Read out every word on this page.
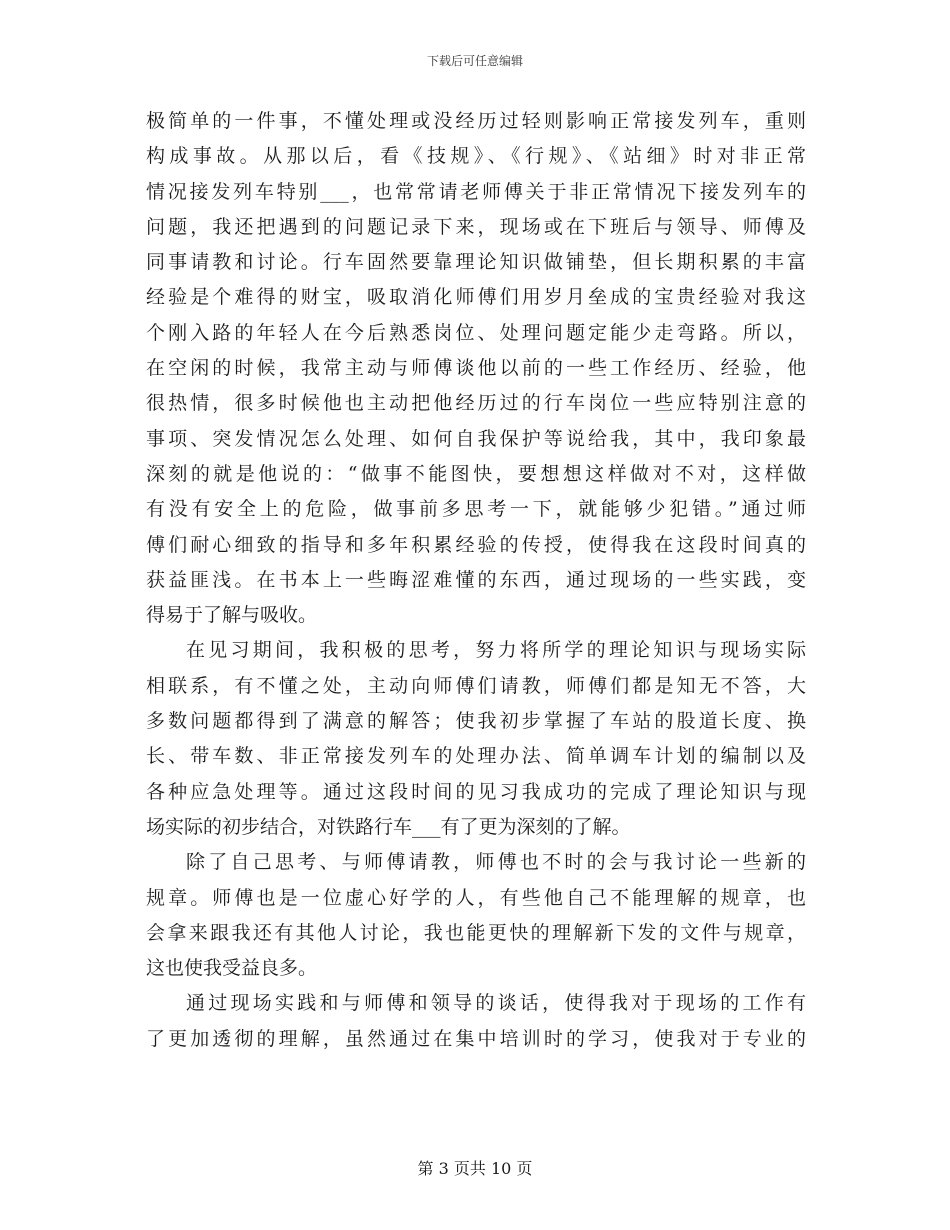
下载后可任意编辑
极简单的一件事，不懂处理或没经历过轻则影响正常接发列车，重则
构成事故。从那以后，看《技规》、《行规》、《站细》时对非正常
情况接发列车特别___，也常常请老师傅关于非正常情况下接发列车的
问题，我还把遇到的问题记录下来，现场或在下班后与领导、师傅及
同事请教和讨论。行车固然要靠理论知识做铺垫，但长期积累的丰富
经验是个难得的财宝，吸取消化师傅们用岁月垒成的宝贵经验对我这
个刚入路的年轻人在今后熟悉岗位、处理问题定能少走弯路。所以，
在空闲的时候，我常主动与师傅谈他以前的一些工作经历、经验，他
很热情，很多时候他也主动把他经历过的行车岗位一些应特别注意的
事项、突发情况怎么处理、如何自我保护等说给我，其中，我印象最
深刻的就是他说的：“做事不能图快，要想想这样做对不对，这样做
有没有安全上的危险，做事前多思考一下，就能够少犯错。”通过师
傅们耐心细致的指导和多年积累经验的传授，使得我在这段时间真的
获益匪浅。在书本上一些晦涩难懂的东西，通过现场的一些实践，变
得易于了解与吸收。
在见习期间，我积极的思考，努力将所学的理论知识与现场实际
相联系，有不懂之处，主动向师傅们请教，师傅们都是知无不答，大
多数问题都得到了满意的解答；使我初步掌握了车站的股道长度、换
长、带车数、非正常接发列车的处理办法、简单调车计划的编制以及
各种应急处理等。通过这段时间的见习我成功的完成了理论知识与现
场实际的初步结合，对铁路行车___有了更为深刻的了解。
除了自己思考、与师傅请教，师傅也不时的会与我讨论一些新的
规章。师傅也是一位虚心好学的人，有些他自己不能理解的规章，也
会拿来跟我还有其他人讨论，我也能更快的理解新下发的文件与规章，
这也使我受益良多。
通过现场实践和与师傅和领导的谈话，使得我对于现场的工作有
了更加透彻的理解，虽然通过在集中培训时的学习，使我对于专业的
第 3 页共 10 页
